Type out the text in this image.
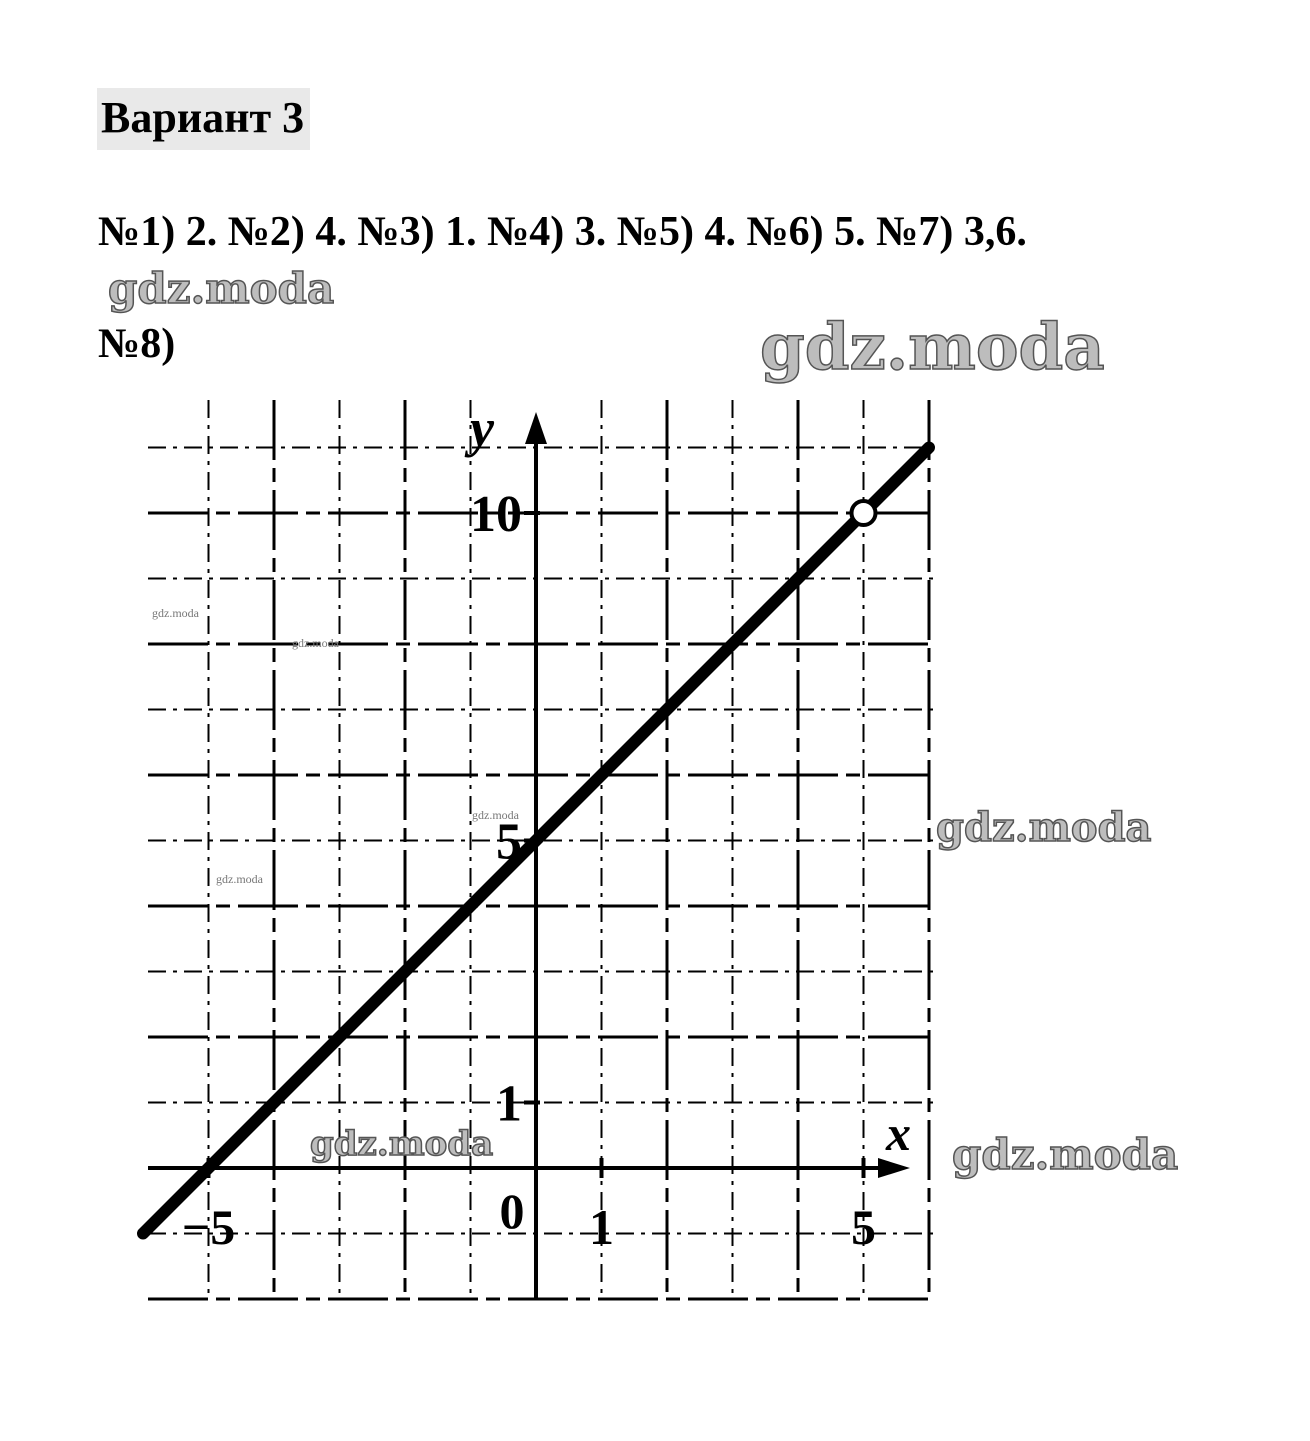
Вариант 3
№1) 2. №2) 4. №3) 1. №4) 3. №5) 4. №6) 5. №7) 3,6.
№8)
x
y
−5	0 1	5
1
5
10
gdz.moda
gdz.moda
gdz.moda
gdz.moda
gdz.moda
gdz.moda
gdz.moda
gdz.moda
gdz.moda
